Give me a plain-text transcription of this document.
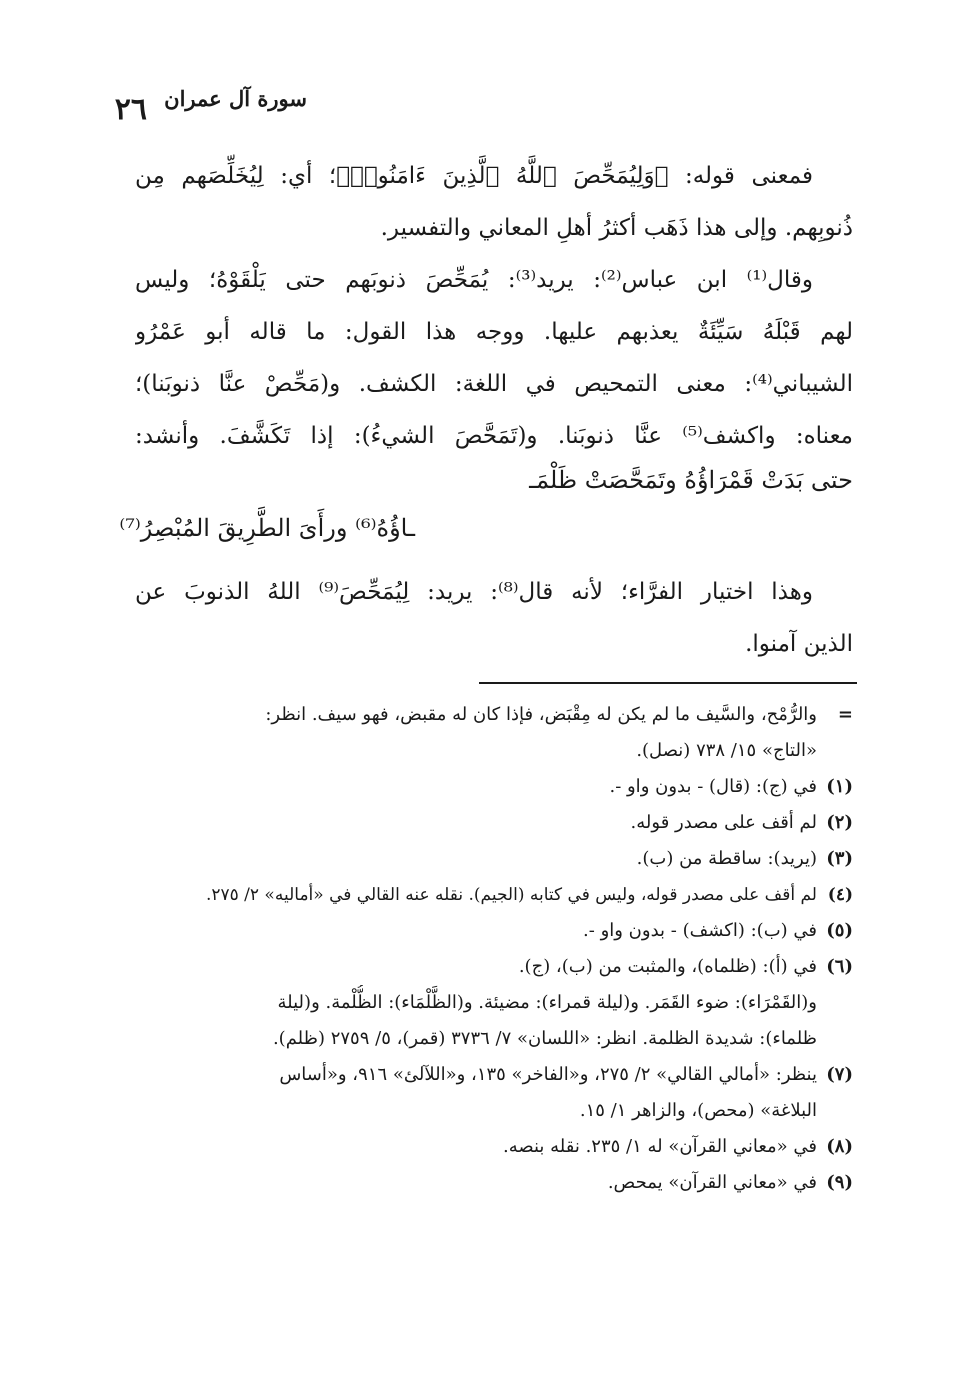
٢٦ سورة آل عمران
فمعنى قوله: ﴿وَلِيُمَحِّصَ ٱللَّهُ ٱلَّذِينَ ءَامَنُوا۟﴾؛ أي: لِيُخَلِّصَهم مِن
ذُنوبِهم. وإلى هذا ذَهَب أكثرُ أهلِ المعاني والتفسير.
وقال⁽¹⁾ ابن عباس⁽²⁾: يريد⁽³⁾: يُمَحِّصَ ذنوبَهم حتى يَلْقَوْهُ؛ وليس
لهم قَبْلَهُ سَيِّئَةٌ يعذبهم عليها. ووجه هذا القول: ما قاله أبو عَمْرُو
الشيباني⁽⁴⁾: معنى التمحيص في اللغة: الكشف. و(مَحِّصْ عنَّا ذنوبَنا)؛
معناه: واكشف⁽⁵⁾ عنَّا ذنوبَنا. و(تَمَحَّصَ الشيءُ): إذا تَكَشَّفَ. وأنشد:
حتى بَدَتْ قَمْرَاؤُهُ وتَمَحَّصَتْ ظَلْمَـ
ـاؤُهُ⁽⁶⁾ ورأَىَ الطَّرِيقَ المُبْصِرُ⁽⁷⁾
وهذا اختيار الفرَّاء؛ لأنه قال⁽⁸⁾: يريد: لِيُمَحِّصَ⁽⁹⁾ اللهُ الذنوبَ عن
الذين آمنوا.
=
والرُّمْح، والسَّيف ما لم يكن له مِقْبَض، فإذا كان له مقبض، فهو سيف. انظر:
«التاج» ١٥/ ٧٣٨ (نصل).
(١)
في (ج): (قال) - بدون واو -.
(٢)
لم أقف على مصدر قوله.
(٣)
(يريد): ساقطة من (ب).
(٤)
لم أقف على مصدر قوله، وليس في كتابه (الجيم). نقله عنه القالي في «أماليه» ٢/ ٢٧٥.
(٥)
في (ب): (اكشف) - بدون واو -.
(٦)
في (أ): (ظلماه)، والمثبت من (ب)، (ج).
و(القَمْرَاء): ضوء القَمَر. و(ليلة قمراء): مضيئة. و(الظَّلْمَاء): الظُّلْمة. و(ليلة
ظلماء): شديدة الظلمة. انظر: «اللسان» ٧/ ٣٧٣٦ (قمر)، ٥/ ٢٧٥٩ (ظلم).
(٧)
ينظر: «أمالي القالي» ٢/ ٢٧٥، و«الفاخر» ١٣٥، و«اللآلئ» ٩١٦، و«أساس
البلاغة» (محص)، والزاهر ١/ ١٥.
(٨)
في «معاني القرآن» له ١/ ٢٣٥. نقله بنصه.
(٩)
في «معاني القرآن» يمحص.
